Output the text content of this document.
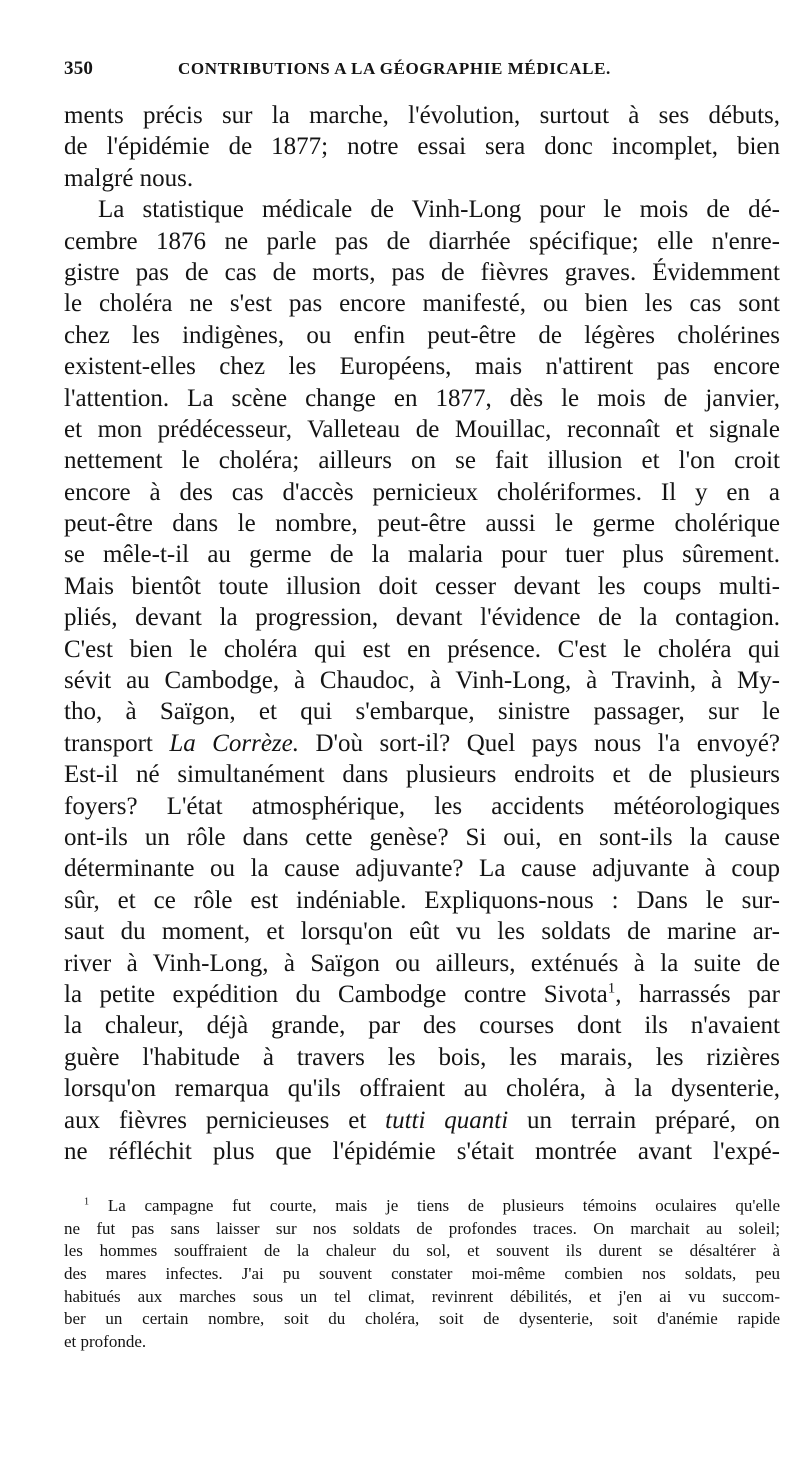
350	CONTRIBUTIONS A LA GÉOGRAPHIE MÉDICALE.
ments précis sur la marche, l'évolution, surtout à ses débuts,
de l'épidémie de 1877; notre essai sera donc incomplet, bien
malgré nous.
La statistique médicale de Vinh-Long pour le mois de dé-
cembre 1876 ne parle pas de diarrhée spécifique; elle n'enre-
gistre pas de cas de morts, pas de fièvres graves. Évidemment
le choléra ne s'est pas encore manifesté, ou bien les cas sont
chez les indigènes, ou enfin peut-être de légères cholérines
existent-elles chez les Européens, mais n'attirent pas encore
l'attention. La scène change en 1877, dès le mois de janvier,
et mon prédécesseur, Valleteau de Mouillac, reconnaît et signale
nettement le choléra; ailleurs on se fait illusion et l'on croit
encore à des cas d'accès pernicieux cholériformes. Il y en a
peut-être dans le nombre, peut-être aussi le germe cholérique
se mêle-t-il au germe de la malaria pour tuer plus sûrement.
Mais bientôt toute illusion doit cesser devant les coups multi-
pliés, devant la progression, devant l'évidence de la contagion.
C'est bien le choléra qui est en présence. C'est le choléra qui
sévit au Cambodge, à Chaudoc, à Vinh-Long, à Travinh, à My-
tho, à Saïgon, et qui s'embarque, sinistre passager, sur le
transport La Corrèze. D'où sort-il? Quel pays nous l'a envoyé?
Est-il né simultanément dans plusieurs endroits et de plusieurs
foyers? L'état atmosphérique, les accidents météorologiques
ont-ils un rôle dans cette genèse? Si oui, en sont-ils la cause
déterminante ou la cause adjuvante? La cause adjuvante à coup
sûr, et ce rôle est indéniable. Expliquons-nous : Dans le sur-
saut du moment, et lorsqu'on eût vu les soldats de marine ar-
river à Vinh-Long, à Saïgon ou ailleurs, exténués à la suite de
la petite expédition du Cambodge contre Sivota$^1$, harrassés par
la chaleur, déjà grande, par des courses dont ils n'avaient
guère l'habitude à travers les bois, les marais, les rizières
lorsqu'on remarqua qu'ils offraient au choléra, à la dysenterie,
aux fièvres pernicieuses et tutti quanti un terrain préparé, on
ne réfléchit plus que l'épidémie s'était montrée avant l'expé-
$^1$ La campagne fut courte, mais je tiens de plusieurs témoins oculaires qu'elle
ne fut pas sans laisser sur nos soldats de profondes traces. On marchait au soleil;
les hommes souffraient de la chaleur du sol, et souvent ils durent se désaltérer à
des mares infectes. J'ai pu souvent constater moi-même combien nos soldats, peu
habitués aux marches sous un tel climat, revinrent débilités, et j'en ai vu succom-
ber un certain nombre, soit du choléra, soit de dysenterie, soit d'anémie rapide
et profonde.
